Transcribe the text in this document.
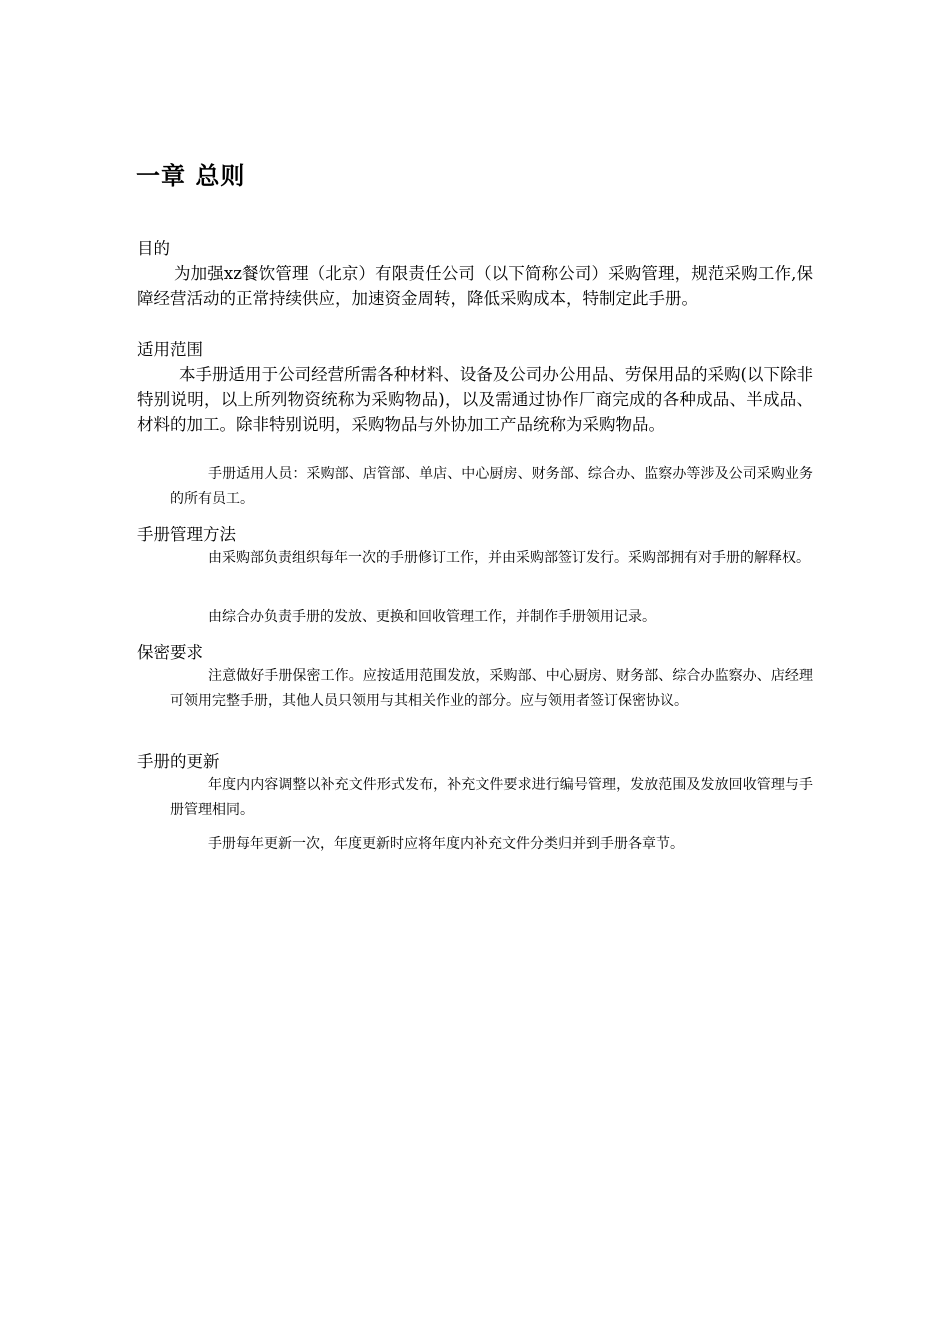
一章 总则
目的

为加强xz餐饮管理（北京）有限责任公司（以下简称公司）采购管理，规范采购工作,保障经营活动的正常持续供应，加速资金周转，降低采购成本，特制定此手册。

适用范围

本手册适用于公司经营所需各种材料、设备及公司办公用品、劳保用品的采购(以下除非特别说明，以上所列物资统称为采购物品)，以及需通过协作厂商完成的各种成品、半成品、材料的加工。除非特别说明，采购物品与外协加工产品统称为采购物品。

手册适用人员：采购部、店管部、单店、中心厨房、财务部、综合办、监察办等涉及公司采购业务的所有员工。

手册管理方法

由采购部负责组织每年一次的手册修订工作，并由采购部签订发行。采购部拥有对手册的解释权。

由综合办负责手册的发放、更换和回收管理工作，并制作手册领用记录。

保密要求

注意做好手册保密工作。应按适用范围发放，采购部、中心厨房、财务部、综合办监察办、店经理可领用完整手册，其他人员只领用与其相关作业的部分。应与领用者签订保密协议。

手册的更新

年度内内容调整以补充文件形式发布，补充文件要求进行编号管理，发放范围及发放回收管理与手册管理相同。

手册每年更新一次，年度更新时应将年度内补充文件分类归并到手册各章节。
